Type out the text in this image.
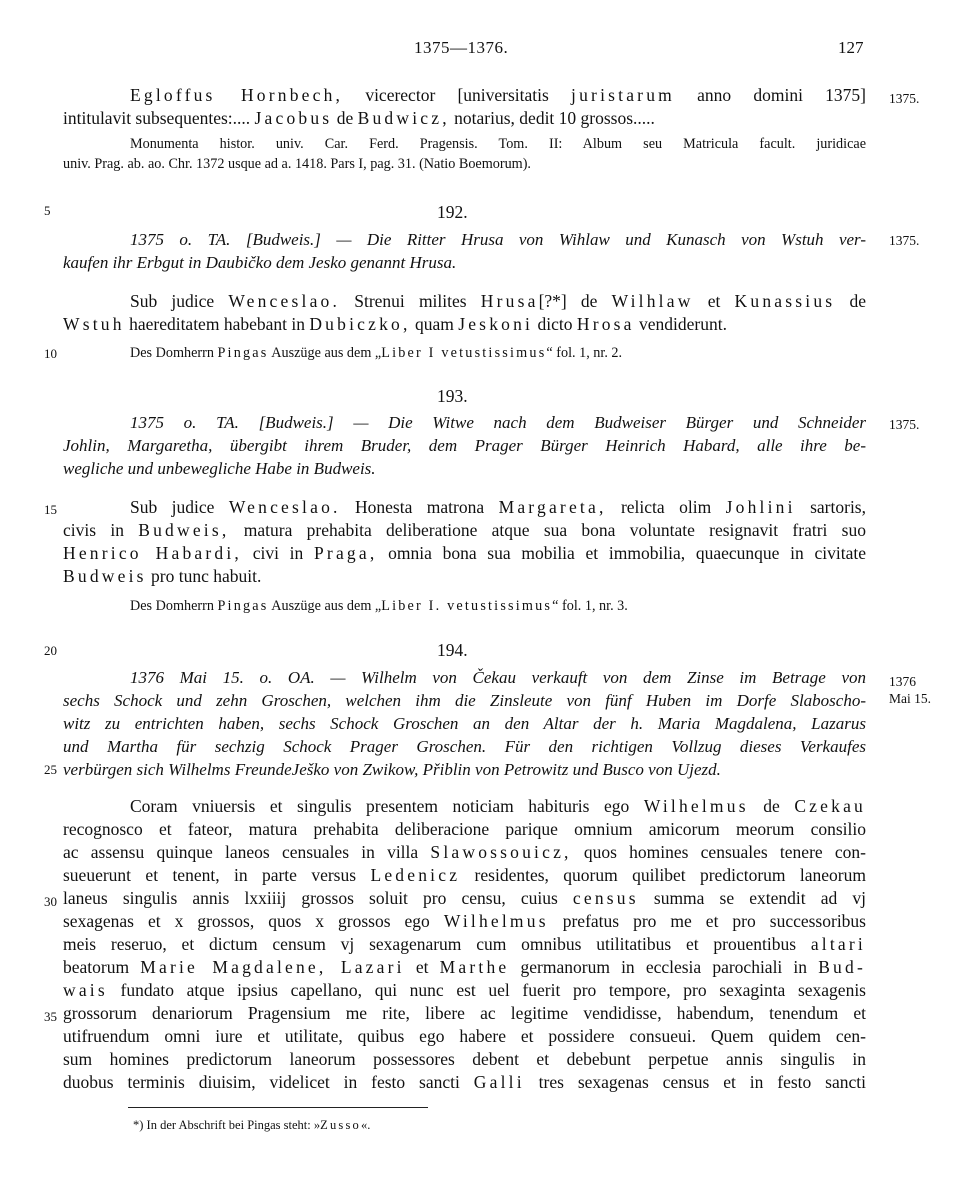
1375—1376.	127
Egloffus Hornbech, vicerector [universitatis juristarum anno domini 1375]
intitulavit subsequentes:.... Jacobus de Budwicz, notarius, dedit 10 grossos.....
1375.
Monumenta histor. univ. Car. Ferd. Pragensis. Tom. II: Album seu Matricula facult. juridicae
univ. Prag. ab. ao. Chr. 1372 usque ad a. 1418. Pars I, pag. 31. (Natio Boemorum).
5	192.
1375 o. TA. [Budweis.] — Die Ritter Hrusa von Wihlaw und Kunasch von Wstuh ver-
kaufen ihr Erbgut in Daubičko dem Jesko genannt Hrusa.
1375.
Sub judice Wenceslao. Strenui milites Hrusa[?*] de Wilhlaw et Kunassius de
Wstuh haereditatem habebant in Dubiczko, quam Jeskoni dicto Hrosa vendiderunt.
10	Des Domherrn Pingas Auszüge aus dem „Liber I vetustissimus“ fol. 1, nr. 2.
193.
1375 o. TA. [Budweis.] — Die Witwe nach dem Budweiser Bürger und Schneider
Johlin, Margaretha, übergibt ihrem Bruder, dem Prager Bürger Heinrich Habard, alle ihre be-
wegliche und unbewegliche Habe in Budweis.
1375.
15	Sub judice Wenceslao. Honesta matrona Margareta, relicta olim Johlini sartoris,
civis in Budweis, matura prehabita deliberatione atque sua bona voluntate resignavit fratri suo
Henrico Habardi, civi in Praga, omnia bona sua mobilia et immobilia, quaecunque in civitate
Budweis pro tunc habuit.
Des Domherrn Pingas Auszüge aus dem „Liber I. vetustissimus“ fol. 1, nr. 3.
20	194.
1376 Mai 15. o. OA. — Wilhelm von Čekau verkauft von dem Zinse im Betrage von
sechs Schock und zehn Groschen, welchen ihm die Zinsleute von fünf Huben im Dorfe Slaboscho-
witz zu entrichten haben, sechs Schock Groschen an den Altar der h. Maria Magdalena, Lazarus
und Martha für sechzig Schock Prager Groschen. Für den richtigen Vollzug dieses Verkaufes
verbürgen sich Wilhelms FreundeJeško von Zwikow, Přiblin von Petrowitz und Busco von Ujezd.
1376
Mai 15.
25
Coram vniuersis et singulis presentem noticiam habituris ego Wilhelmus de Czekau
recognosco et fateor, matura prehabita deliberacione parique omnium amicorum meorum consilio
ac assensu quinque laneos censuales in villa Slawossouicz, quos homines censuales tenere con-
sueuerunt et tenent, in parte versus Ledenicz residentes, quorum quilibet predictorum laneorum
laneus singulis annis lxxiiij grossos soluit pro censu, cuius census summa se extendit ad vj
sexagenas et x grossos, quos x grossos ego Wilhelmus prefatus pro me et pro successoribus
meis reseruo, et dictum censum vj sexagenarum cum omnibus utilitatibus et prouentibus altari
beatorum Marie Magdalene, Lazari et Marthe germanorum in ecclesia parochiali in Bud-
wais fundato atque ipsius capellano, qui nunc est uel fuerit pro tempore, pro sexaginta sexagenis
grossorum denariorum Pragensium me rite, libere ac legitime vendidisse, habendum, tenendum et
utifruendum omni iure et utilitate, quibus ego habere et possidere consueui. Quem quidem cen-
sum homines predictorum laneorum possessores debent et debebunt perpetue annis singulis in
duobus terminis diuisim, videlicet in festo sancti Galli tres sexagenas census et in festo sancti
30
35
*) In der Abschrift bei Pingas steht: »Zusso«.
